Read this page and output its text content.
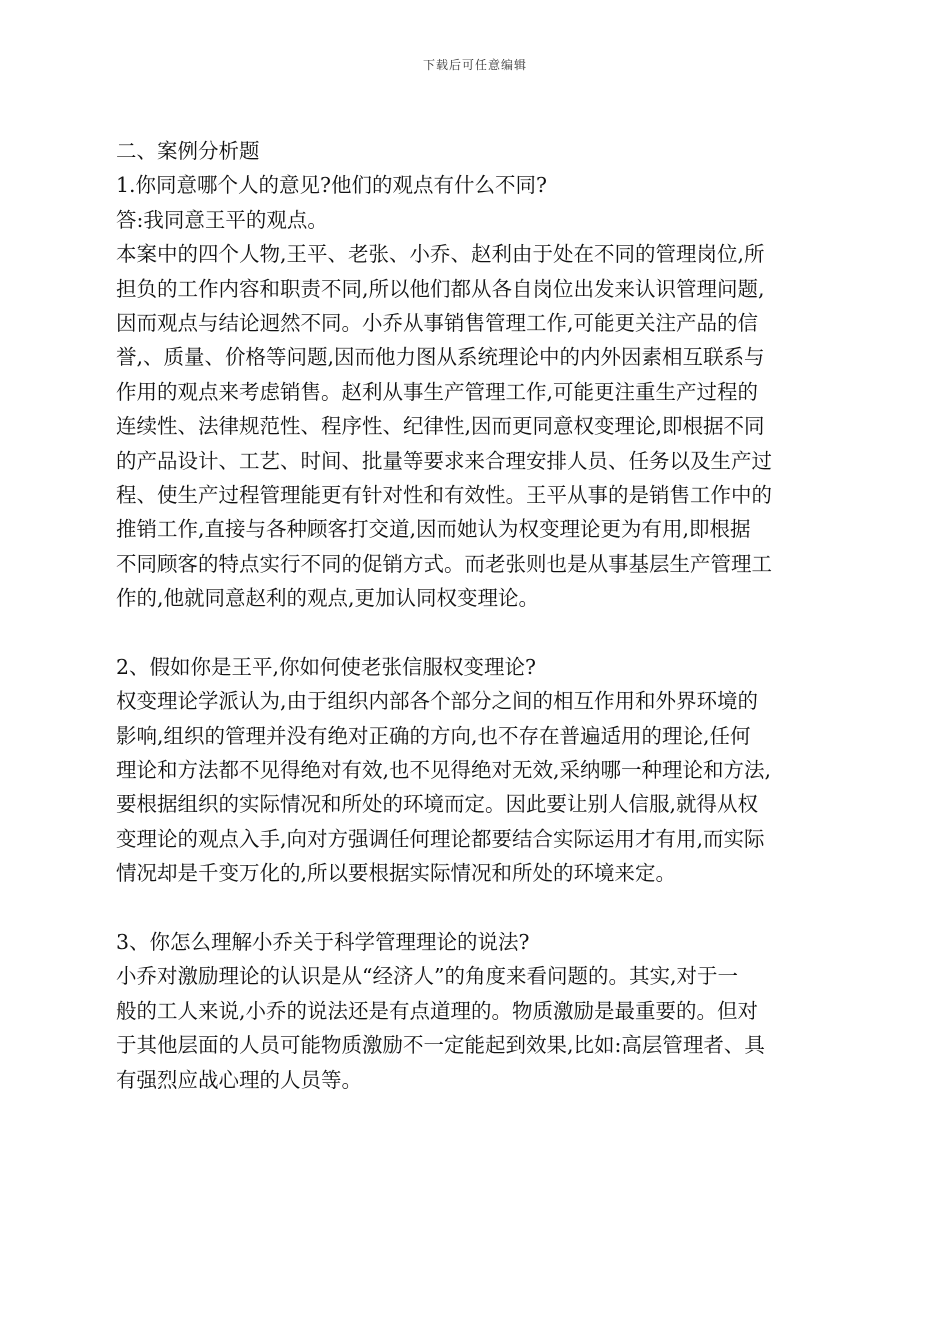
下载后可任意编辑
二、案例分析题
1.你同意哪个人的意见?他们的观点有什么不同?
答:我同意王平的观点。
本案中的四个人物,王平、老张、小乔、赵利由于处在不同的管理岗位,所
担负的工作内容和职责不同,所以他们都从各自岗位出发来认识管理问题,
因而观点与结论迥然不同。小乔从事销售管理工作,可能更关注产品的信
誉,、质量、价格等问题,因而他力图从系统理论中的内外因素相互联系与
作用的观点来考虑销售。赵利从事生产管理工作,可能更注重生产过程的
连续性、法律规范性、程序性、纪律性,因而更同意权变理论,即根据不同
的产品设计、工艺、时间、批量等要求来合理安排人员、任务以及生产过
程、使生产过程管理能更有针对性和有效性。王平从事的是销售工作中的
推销工作,直接与各种顾客打交道,因而她认为权变理论更为有用,即根据
不同顾客的特点实行不同的促销方式。而老张则也是从事基层生产管理工
作的,他就同意赵利的观点,更加认同权变理论。
2、假如你是王平,你如何使老张信服权变理论?
权变理论学派认为,由于组织内部各个部分之间的相互作用和外界环境的
影响,组织的管理并没有绝对正确的方向,也不存在普遍适用的理论,任何
理论和方法都不见得绝对有效,也不见得绝对无效,采纳哪一种理论和方法,
要根据组织的实际情况和所处的环境而定。因此要让别人信服,就得从权
变理论的观点入手,向对方强调任何理论都要结合实际运用才有用,而实际
情况却是千变万化的,所以要根据实际情况和所处的环境来定。
3、你怎么理解小乔关于科学管理理论的说法?
小乔对激励理论的认识是从“经济人”的角度来看问题的。其实,对于一
般的工人来说,小乔的说法还是有点道理的。物质激励是最重要的。但对
于其他层面的人员可能物质激励不一定能起到效果,比如:高层管理者、具
有强烈应战心理的人员等。
